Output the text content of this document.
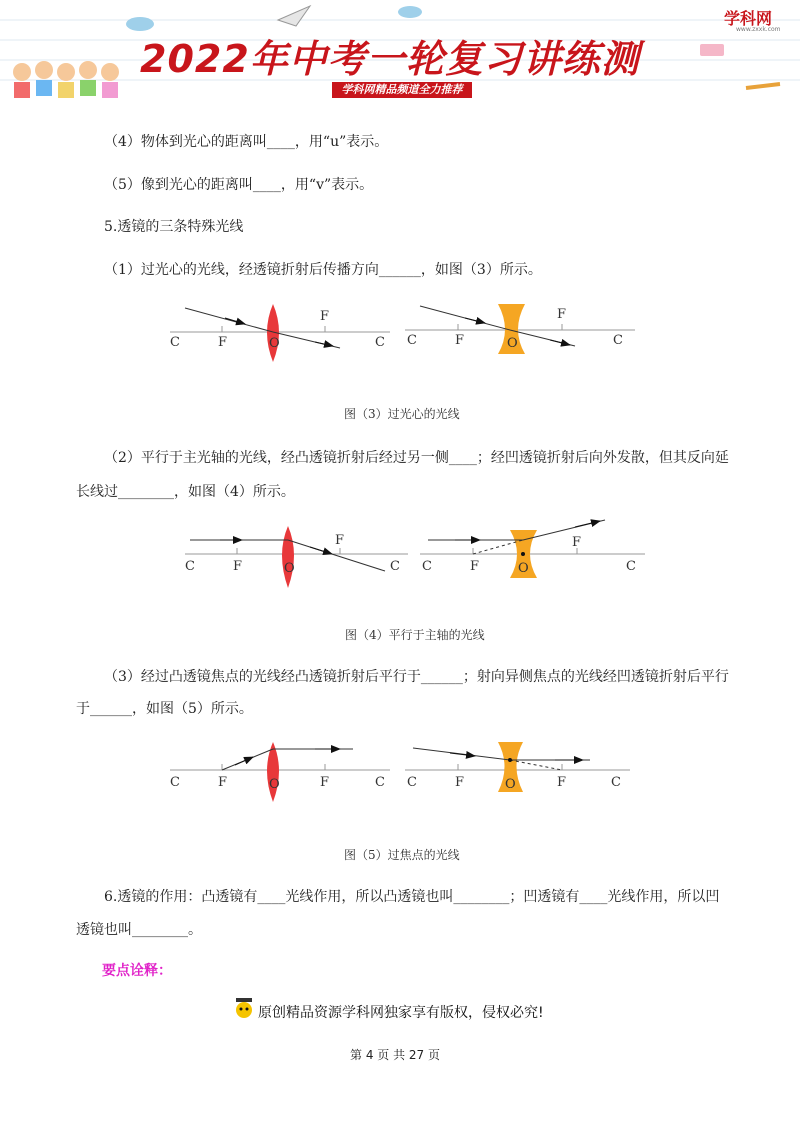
2022年中考一轮复习讲练测
学科网精品频道全力推荐
学科网
www.zxxk.com
（4）物体到光心的距离叫____，用“u”表示。
（5）像到光心的距离叫____，用“v”表示。
5.透镜的三条特殊光线
（1）过光心的光线，经透镜折射后传播方向______，如图（3）所示。
C	F
F
O	C C	F
F
O	C
图（3）过光心的光线
（2）平行于主光轴的光线，经凸透镜折射后经过另一侧____；经凹透镜折射后向外发散，但其反向延
长线过________，如图（4）所示。
C	F
F
O	C C	F
F
O	C
图（4）平行于主轴的光线
（3）经过凸透镜焦点的光线经凸透镜折射后平行于______；射向异侧焦点的光线经凹透镜折射后平行
于______，如图（5）所示。
C	F	F
O	C C	F	F
O	C
图（5）过焦点的光线
6.透镜的作用：凸透镜有____光线作用，所以凸透镜也叫________；凹透镜有____光线作用，所以凹
透镜也叫________。
要点诠释：
原创精品资源学科网独家享有版权，侵权必究!
第 4 页 共 27 页
